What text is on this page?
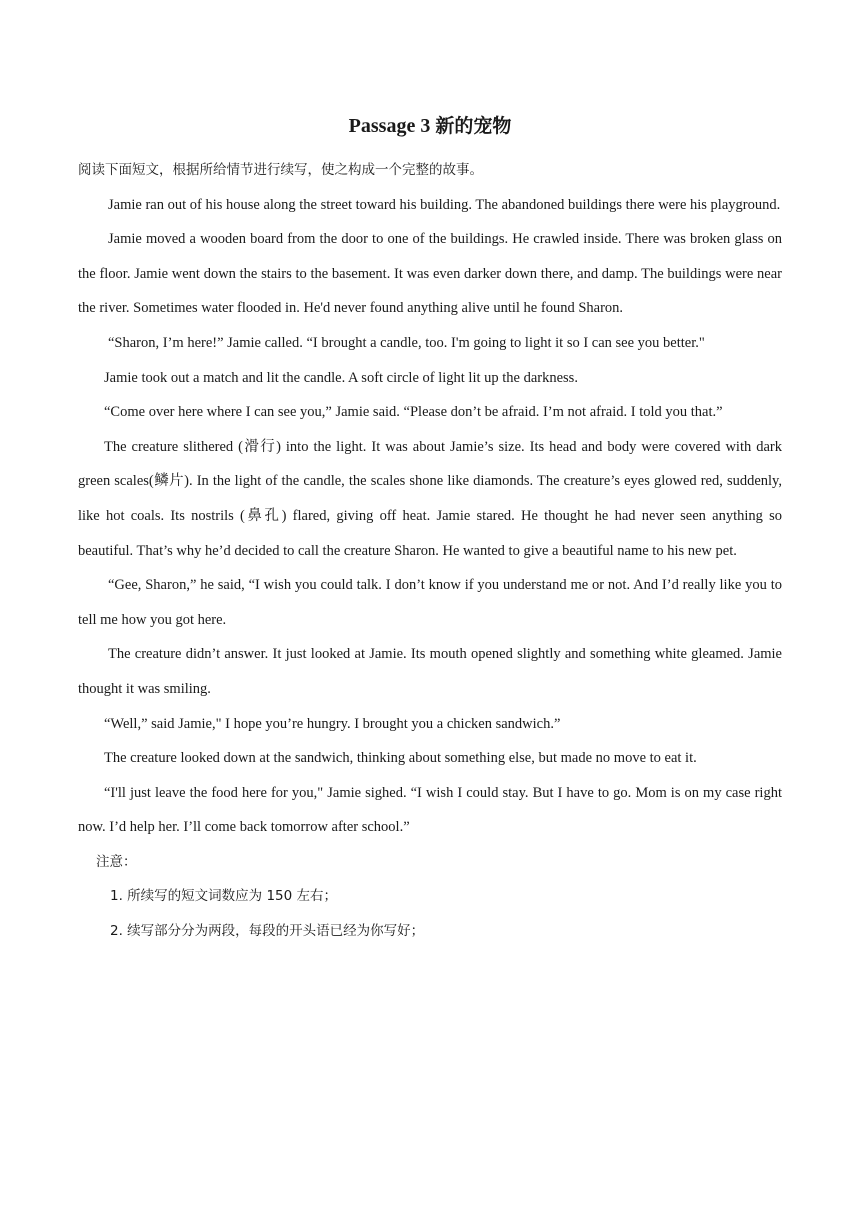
Passage 3 新的宠物

阅读下面短文，根据所给情节进行续写，使之构成一个完整的故事。

Jamie ran out of his house along the street toward his building. The abandoned buildings there were his playground.

Jamie moved a wooden board from the door to one of the buildings. He crawled inside. There was broken glass on the floor. Jamie went down the stairs to the basement. It was even darker down there, and damp. The buildings were near the river. Sometimes water flooded in. He'd never found anything alive until he found Sharon.

“Sharon, I’m here!” Jamie called. “I brought a candle, too. I'm going to light it so I can see you better."

Jamie took out a match and lit the candle. A soft circle of light lit up the darkness.

“Come over here where I can see you,” Jamie said. “Please don’t be afraid. I’m not afraid. I told you that.”

The creature slithered (滑行) into the light. It was about Jamie’s size. Its head and body were covered with dark green scales(鳞片). In the light of the candle, the scales shone like diamonds. The creature’s eyes glowed red, suddenly, like hot coals. Its nostrils (鼻孔) flared, giving off heat. Jamie stared. He thought he had never seen anything so beautiful. That’s why he’d decided to call the creature Sharon. He wanted to give a beautiful name to his new pet.

“Gee, Sharon,” he said, “I wish you could talk. I don’t know if you understand me or not. And I’d really like you to tell me how you got here.

The creature didn’t answer. It just looked at Jamie. Its mouth opened slightly and something white gleamed. Jamie thought it was smiling.

“Well,” said Jamie," I hope you’re hungry. I brought you a chicken sandwich.”

The creature looked down at the sandwich, thinking about something else, but made no move to eat it.

“I'll just leave the food here for you," Jamie sighed. “I wish I could stay. But I have to go. Mom is on my case right now. I’d help her. I’ll come back tomorrow after school.”

注意：

1. 所续写的短文词数应为 150 左右；

2. 续写部分分为两段，每段的开头语已经为你写好；
